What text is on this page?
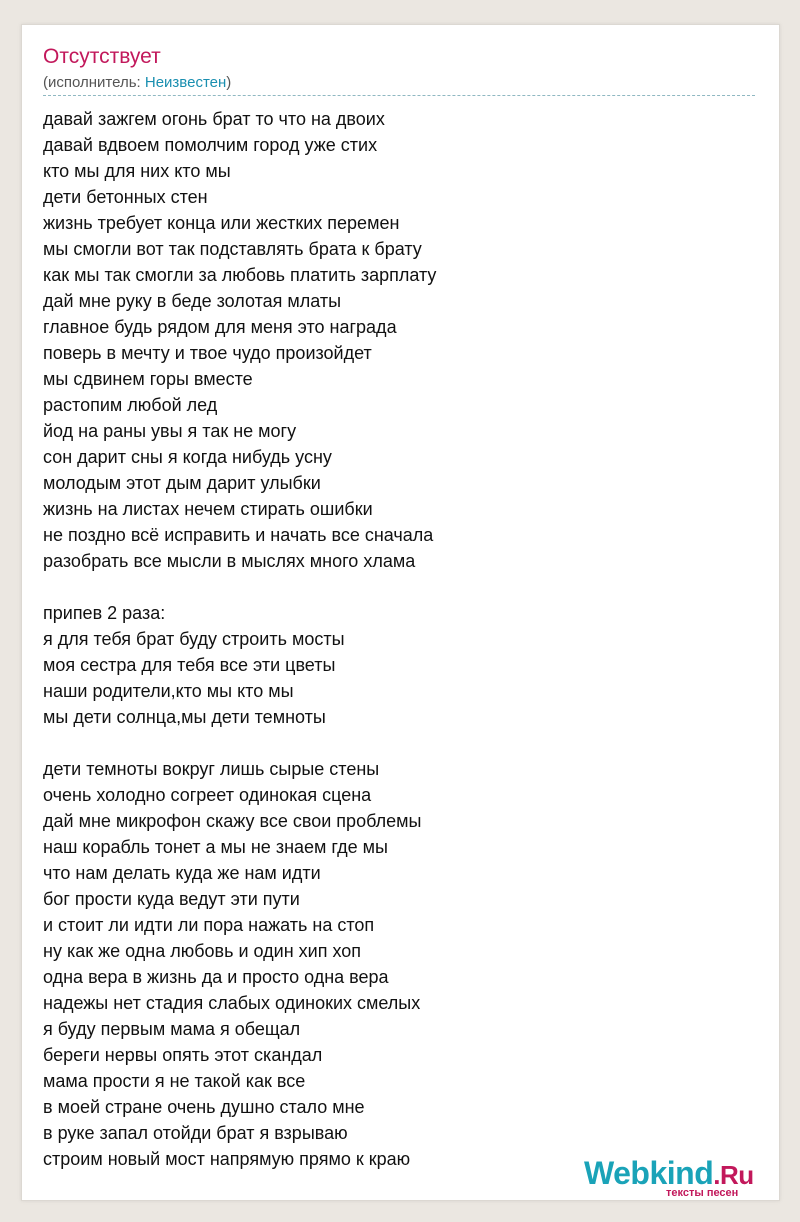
Отсутствует
(исполнитель: Неизвестен)
давай зажгем огонь брат то что на двоих
давай вдвоем помолчим город уже стих
кто мы для них кто мы
дети бетонных стен
жизнь требует конца или жестких перемен
мы смогли вот так подставлять брата к брату
как мы так смогли за любовь платить зарплату
дай мне руку в беде золотая млаты
главное будь рядом для меня это награда
поверь в мечту и твое чудо произойдет
мы сдвинем горы вместе
растопим любой лед
йод на раны увы я так не могу
сон дарит сны я когда нибудь усну
молодым этот дым дарит улыбки
жизнь на листах нечем стирать ошибки
не поздно всё исправить и начать все сначала
разобрать все мысли в мыслях много хлама
припев 2 раза:
я для тебя брат буду строить мосты
моя сестра для тебя все эти цветы
наши родители,кто мы кто мы
мы дети солнца,мы дети темноты
дети темноты вокруг лишь сырые стены
очень холодно согреет одинокая сцена
дай мне микрофон скажу все свои проблемы
наш корабль тонет а мы не знаем где мы
что нам делать куда же нам идти
бог прости куда ведут эти пути
и стоит ли идти ли пора нажать на стоп
ну как же одна любовь и один хип хоп
одна вера в жизнь да и просто одна вера
надежы нет стадия слабых одиноких смелых
я буду первым мама я обещал
береги нервы опять этот скандал
мама прости я не такой как все
в моей стране очень душно стало мне
в руке запал отойди брат я взрываю
строим новый мост напрямую прямо к краю	Webkind.Ru
тексты песен
